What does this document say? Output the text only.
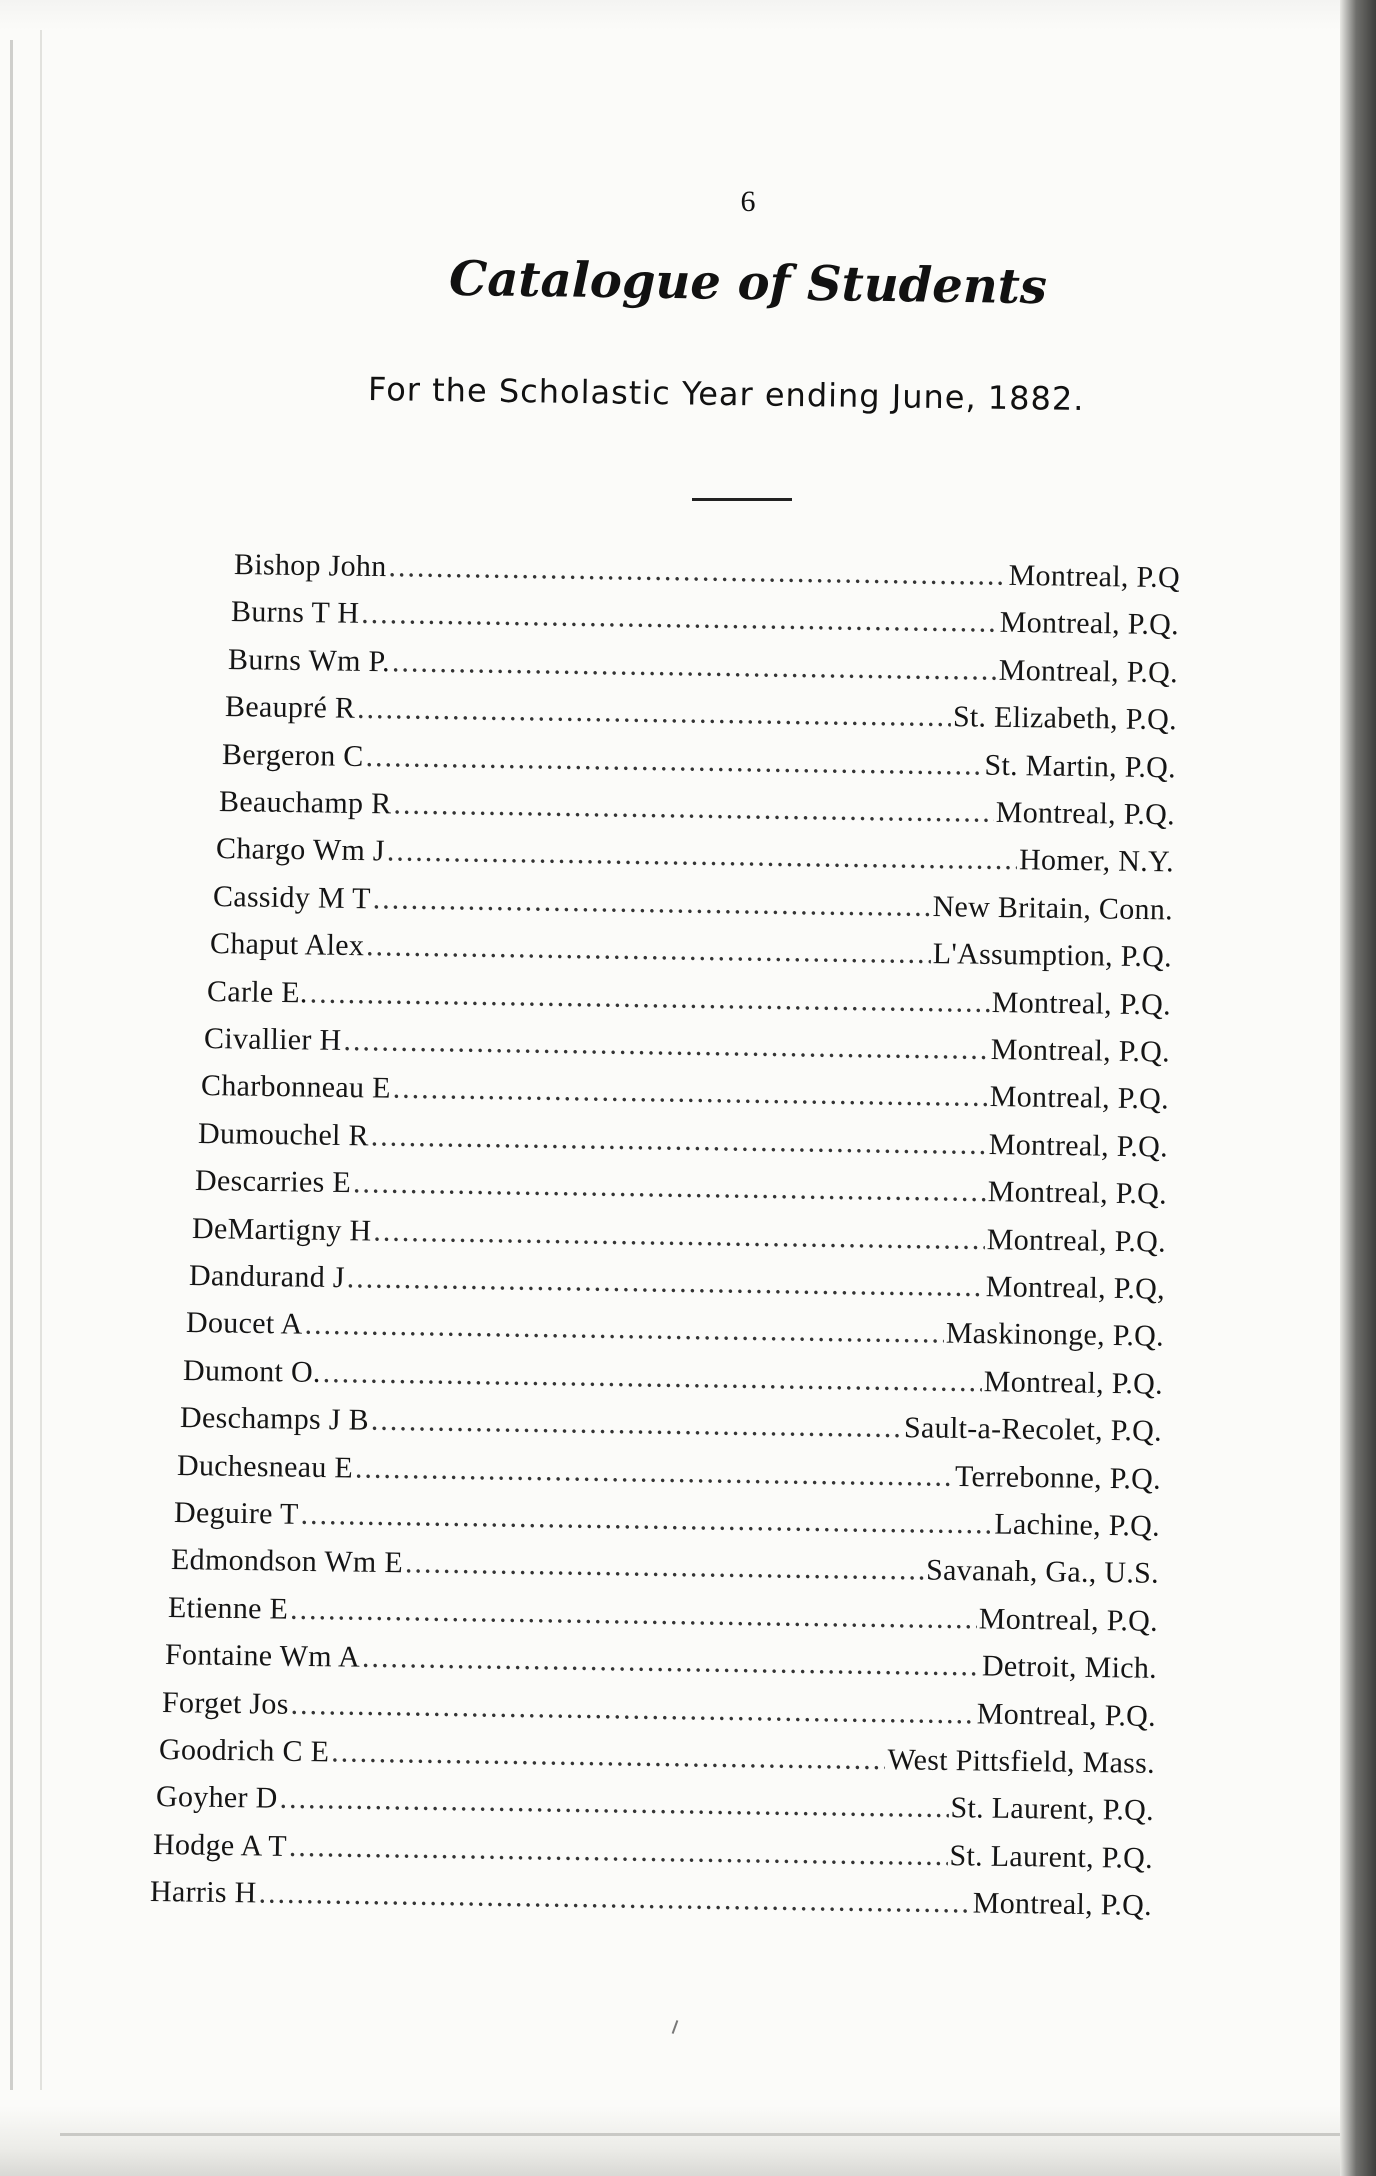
6
Catalogue of Students
For the Scholastic Year ending June, 1882.
Bishop John .....	Montreal, P.Q
Burns T H .....	Montreal, P.Q.
Burns Wm P. .....	Montreal, P.Q.
Beaupré R .....	St. Elizabeth, P.Q.
Bergeron C .....	St. Martin, P.Q.
Beauchamp R .....	Montreal, P.Q.
Chargo Wm J .....	Homer, N.Y.
Cassidy M T .....	New Britain, Conn.
Chaput Alex .....	L'Assumption, P.Q.
Carle E. .....	Montreal, P.Q.
Civallier H .....	Montreal, P.Q.
Charbonneau E .....	Montreal, P.Q.
Dumouchel R .....	Montreal, P.Q.
Descarries E .....	Montreal, P.Q.
DeMartigny H .....	Montreal, P.Q.
Dandurand J .....	Montreal, P.Q,
Doucet A .....	Maskinonge, P.Q.
Dumont O. .....	Montreal, P.Q.
Deschamps J B .....	Sault-a-Recolet, P.Q.
Duchesneau E .....	Terrebonne, P.Q.
Deguire T .....	Lachine, P.Q.
Edmondson Wm E .....	Savanah, Ga., U.S.
Etienne E .....	Montreal, P.Q.
Fontaine Wm A .....	Detroit, Mich.
Forget Jos .....	Montreal, P.Q.
Goodrich C E .....	West Pittsfield, Mass.
Goyher D .....	St. Laurent, P.Q.
Hodge A T .....	St. Laurent, P.Q.
Harris H .....	Montreal, P.Q.
